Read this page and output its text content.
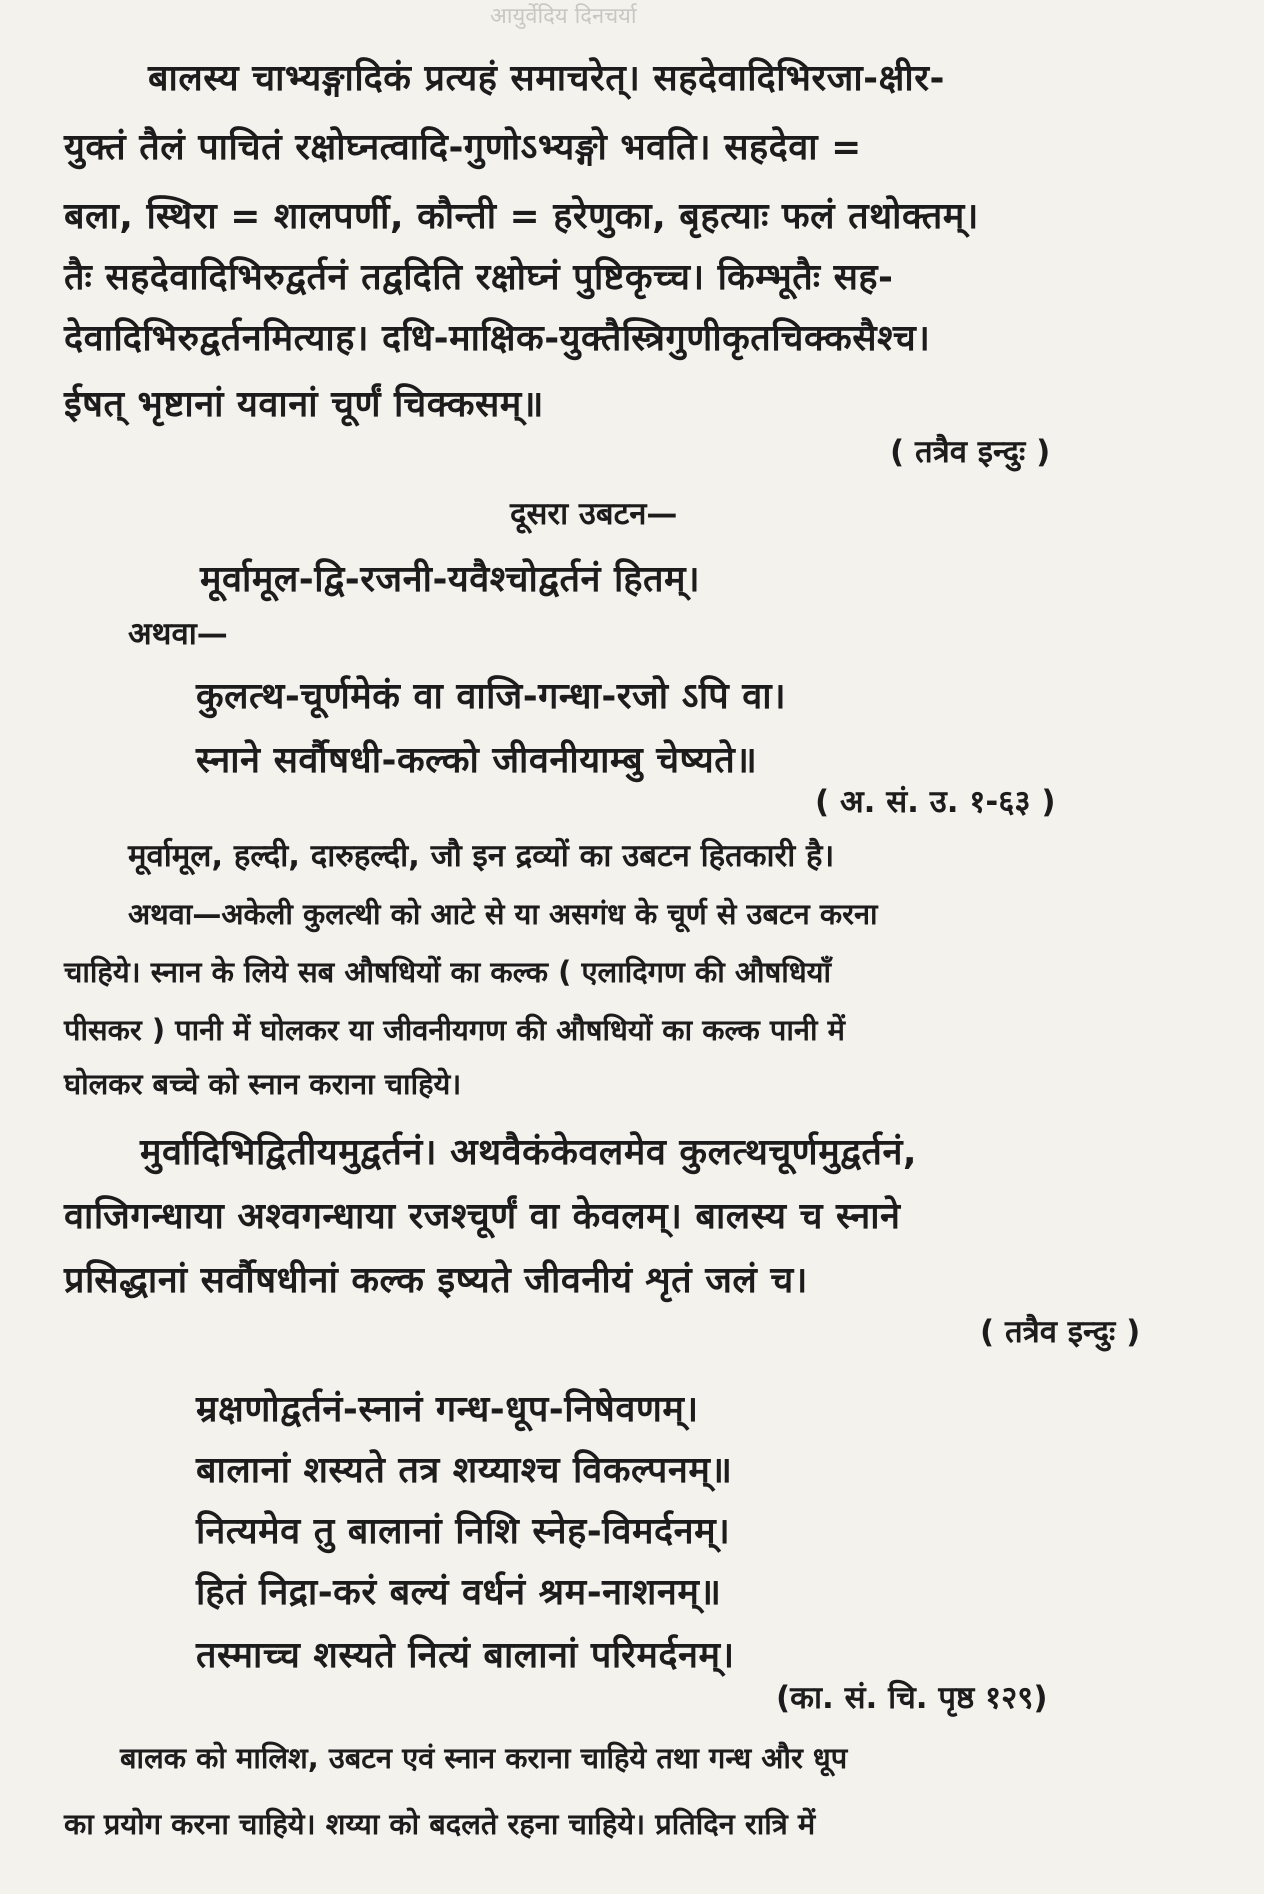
आयुर्वेदिय दिनचर्या
बालस्य चाभ्यङ्गादिकं प्रत्यहं समाचरेत्। सहदेवादिभिरजा-क्षीर-
युक्तं तैलं पाचितं रक्षोघ्नत्वादि-गुणोऽभ्यङ्गो भवति। सहदेवा =
बला, स्थिरा = शालपर्णी, कौन्ती = हरेणुका, बृहत्याः फलं तथोक्तम्।
तैः सहदेवादिभिरुद्वर्तनं तद्वदिति रक्षोघ्नं पुष्टिकृच्च। किम्भूतैः सह-
देवादिभिरुद्वर्तनमित्याह। दधि-माक्षिक-युक्तैस्त्रिगुणीकृतचिक्कसैश्च।
ईषत् भृष्टानां यवानां चूर्णं चिक्कसम्॥
( तत्रैव इन्दुः )
दूसरा उबटन—
मूर्वामूल-द्वि-रजनी-यवैश्चोद्वर्तनं हितम्।
अथवा—
कुलत्थ-चूर्णमेकं वा वाजि-गन्धा-रजो ऽपि वा।
स्नाने सर्वौषधी-कल्को जीवनीयाम्बु चेष्यते॥
( अ. सं. उ. १-६३ )
मूर्वामूल, हल्दी, दारुहल्दी, जौ इन द्रव्यों का उबटन हितकारी है।
अथवा—अकेली कुलत्थी को आटे से या असगंध के चूर्ण से उबटन करना
चाहिये। स्नान के लिये सब औषधियों का कल्क ( एलादिगण की औषधियाँ
पीसकर ) पानी में घोलकर या जीवनीयगण की औषधियों का कल्क पानी में
घोलकर बच्चे को स्नान कराना चाहिये।
मुर्वादिभिद्वितीयमुद्वर्तनं। अथवैकंकेवलमेव कुलत्थचूर्णमुद्वर्तनं,
वाजिगन्धाया अश्वगन्धाया रजश्चूर्णं वा केवलम्। बालस्य च स्नाने
प्रसिद्धानां सर्वौषधीनां कल्क इष्यते जीवनीयं शृतं जलं च।
( तत्रैव इन्दुः )
म्रक्षणोद्वर्तनं-स्नानं गन्ध-धूप-निषेवणम्।
बालानां शस्यते तत्र शय्याश्च विकल्पनम्॥
नित्यमेव तु बालानां निशि स्नेह-विमर्दनम्।
हितं निद्रा-करं बल्यं वर्धनं श्रम-नाशनम्॥
तस्माच्च शस्यते नित्यं बालानां परिमर्दनम्।
(का. सं. चि. पृष्ठ १२९)
बालक को मालिश, उबटन एवं स्नान कराना चाहिये तथा गन्ध और धूप
का प्रयोग करना चाहिये। शय्या को बदलते रहना चाहिये। प्रतिदिन रात्रि में
